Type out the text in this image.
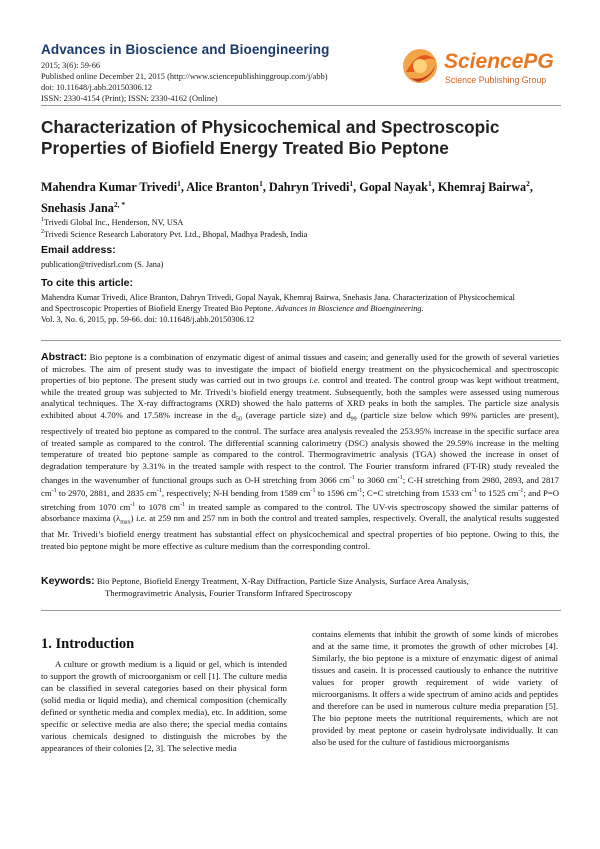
Advances in Bioscience and Bioengineering
2015; 3(6): 59-66
Published online December 21, 2015 (http://www.sciencepublishinggroup.com/j/abb)
doi: 10.11648/j.abb.20150306.12
ISSN: 2330-4154 (Print); ISSN: 2330-4162 (Online)
SciencePG
Science Publishing Group
Characterization of Physicochemical and Spectroscopic
Properties of Biofield Energy Treated Bio Peptone
Mahendra Kumar Trivedi$^1$, Alice Branton$^1$, Dahryn Trivedi$^1$, Gopal Nayak$^1$, Khemraj Bairwa$^2$, Snehasis Jana$^{2, *}$
$^1$Trivedi Global Inc., Henderson, NV, USA
$^2$Trivedi Science Research Laboratory Pvt. Ltd., Bhopal, Madhya Pradesh, India
Email address:
publication@trivedisrl.com (S. Jana)
To cite this article:
Mahendra Kumar Trivedi, Alice Branton, Dahryn Trivedi, Gopal Nayak, Khemraj Bairwa, Snehasis Jana. Characterization of Physicochemical
and Spectroscopic Properties of Biofield Energy Treated Bio Peptone. Advances in Bioscience and Bioengineering.
Vol. 3, No. 6, 2015, pp. 59-66. doi: 10.11648/j.abb.20150306.12
Abstract: Bio peptone is a combination of enzymatic digest of animal tissues and casein; and generally used for the growth of several varieties of microbes. The aim of present study was to investigate the impact of biofield energy treatment on the physicochemical and spectroscopic properties of bio peptone. The present study was carried out in two groups i.e. control and treated. The control group was kept without treatment, while the treated group was subjected to Mr. Trivedi’s biofield energy treatment. Subsequently, both the samples were assessed using numerous analytical techniques. The X-ray diffractograms (XRD) showed the halo patterns of XRD peaks in both the samples. The particle size analysis exhibited about 4.70% and 17.58% increase in the $d_{50}$ (average particle size) and $d_{99}$ (particle size below which 99% particles are present), respectively of treated bio peptone as compared to the control. The surface area analysis revealed the 253.95% increase in the specific surface area of treated sample as compared to the control. The differential scanning calorimetry (DSC) analysis showed the 29.59% increase in the melting temperature of treated bio peptone sample as compared to the control. Thermogravimetric analysis (TGA) showed the increase in onset of degradation temperature by 3.31% in the treated sample with respect to the control. The Fourier transform infrared (FT-IR) study revealed the changes in the wavenumber of functional groups such as O-H stretching from 3066 $cm^{-1}$ to 3060 $cm^{-1}$; C-H stretching from 2980, 2893, and 2817 $cm^{-1}$ to 2970, 2881, and 2835 $cm^{-1}$, respectively; N-H bending from 1589 $cm^{-1}$ to 1596 $cm^{-1}$; C=C stretching from 1533 $cm^{-1}$ to 1525 $cm^{-1}$; and P=O stretching from 1070 $cm^{-1}$ to 1078 $cm^{-1}$ in treated sample as compared to the control. The UV-vis spectroscopy showed the similar patterns of absorbance maxima $(\lambda_{max})$ i.e. at 259 nm and 257 nm in both the control and treated samples, respectively. Overall, the analytical results suggested that Mr. Trivedi’s biofield energy treatment has substantial effect on physicochemical and spectral properties of bio peptone. Owing to this, the treated bio peptone might be more effective as culture medium than the corresponding control.
Keywords: Bio Peptone, Biofield Energy Treatment, X-Ray Diffraction, Particle Size Analysis, Surface Area Analysis,
Thermogravimetric Analysis, Fourier Transform Infrared Spectroscopy
1. Introduction

A culture or growth medium is a liquid or gel, which is intended to support the growth of microorganism or cell [1]. The culture media can be classified in several categories based on their physical form (solid media or liquid media), and chemical composition (chemically defined or synthetic media and complex media), etc. In addition, some specific or selective media are also there; the special media contains various chemicals designed to distinguish the microbes by the appearances of their colonies [2, 3]. The selective media

contains elements that inhibit the growth of some kinds of microbes and at the same time, it promotes the growth of other microbes [4]. Similarly, the bio peptone is a mixture of enzymatic digest of animal tissues and casein. It is processed cautiously to enhance the nutritive values for proper growth requirement of wide variety of microorganisms. It offers a wide spectrum of amino acids and peptides and therefore can be used in numerous culture media preparation [5]. The bio peptone meets the nutritional requirements, which are not provided by meat peptone or casein hydrolysate individually. It can also be used for the culture of fastidious microorganisms
